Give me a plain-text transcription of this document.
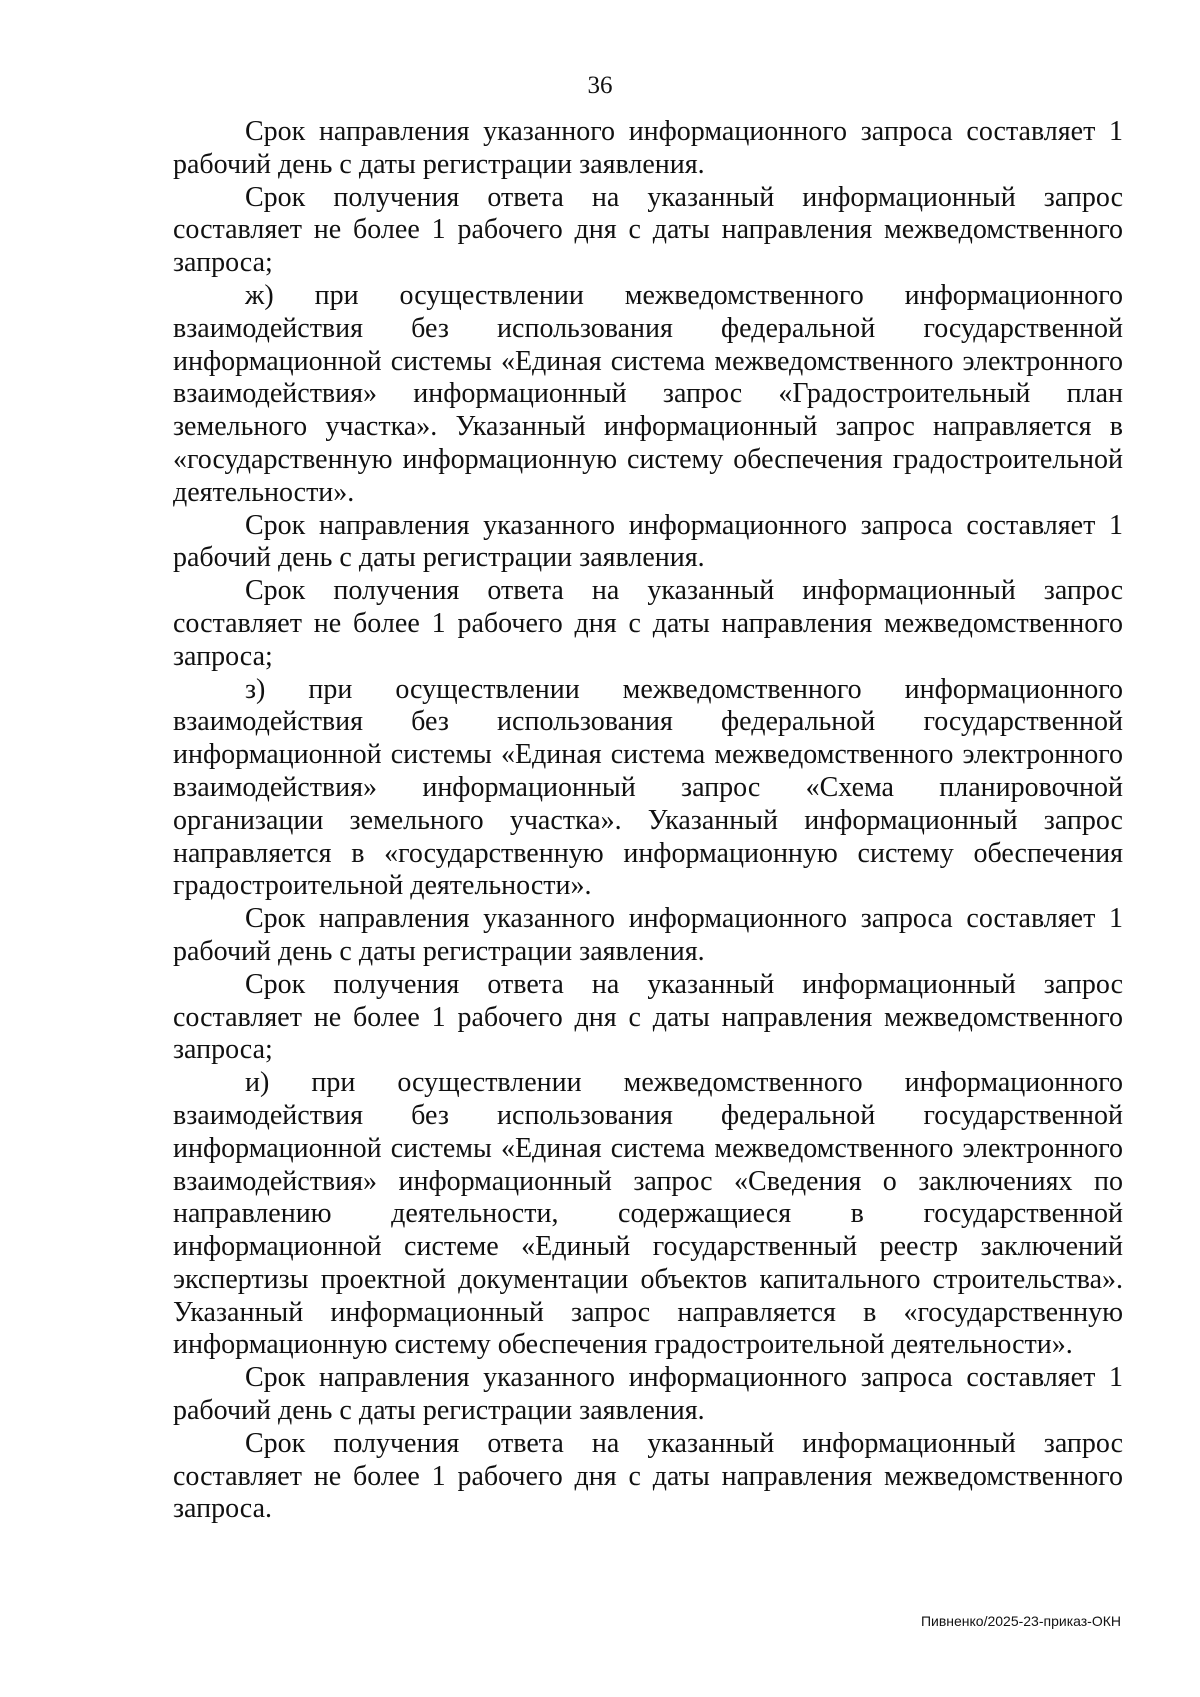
36

Срок направления указанного информационного запроса составляет 1 рабочий день с даты регистрации заявления.

Срок получения ответа на указанный информационный запрос составляет не более 1 рабочего дня с даты направления межведомственного запроса;

ж) при осуществлении межведомственного информационного взаимодействия без использования федеральной государственной информационной системы «Единая система межведомственного электронного взаимодействия» информационный запрос «Градостроительный план земельного участка». Указанный информационный запрос направляется в «государственную информационную систему обеспечения градостроительной деятельности».

Срок направления указанного информационного запроса составляет 1 рабочий день с даты регистрации заявления.

Срок получения ответа на указанный информационный запрос составляет не более 1 рабочего дня с даты направления межведомственного запроса;

з) при осуществлении межведомственного информационного взаимодействия без использования федеральной государственной информационной системы «Единая система межведомственного электронного взаимодействия» информационный запрос «Схема планировочной организации земельного участка». Указанный информационный запрос направляется в «государственную информационную систему обеспечения градостроительной деятельности».

Срок направления указанного информационного запроса составляет 1 рабочий день с даты регистрации заявления.

Срок получения ответа на указанный информационный запрос составляет не более 1 рабочего дня с даты направления межведомственного запроса;

и) при осуществлении межведомственного информационного взаимодействия без использования федеральной государственной информационной системы «Единая система межведомственного электронного взаимодействия» информационный запрос «Сведения о заключениях по направлению деятельности, содержащиеся в государственной информационной системе «Единый государственный реестр заключений экспертизы проектной документации объектов капитального строительства». Указанный информационный запрос направляется в «государственную информационную систему обеспечения градостроительной деятельности».

Срок направления указанного информационного запроса составляет 1 рабочий день с даты регистрации заявления.

Срок получения ответа на указанный информационный запрос составляет не более 1 рабочего дня с даты направления межведомственного запроса.

Пивненко/2025-23-приказ-ОКН
